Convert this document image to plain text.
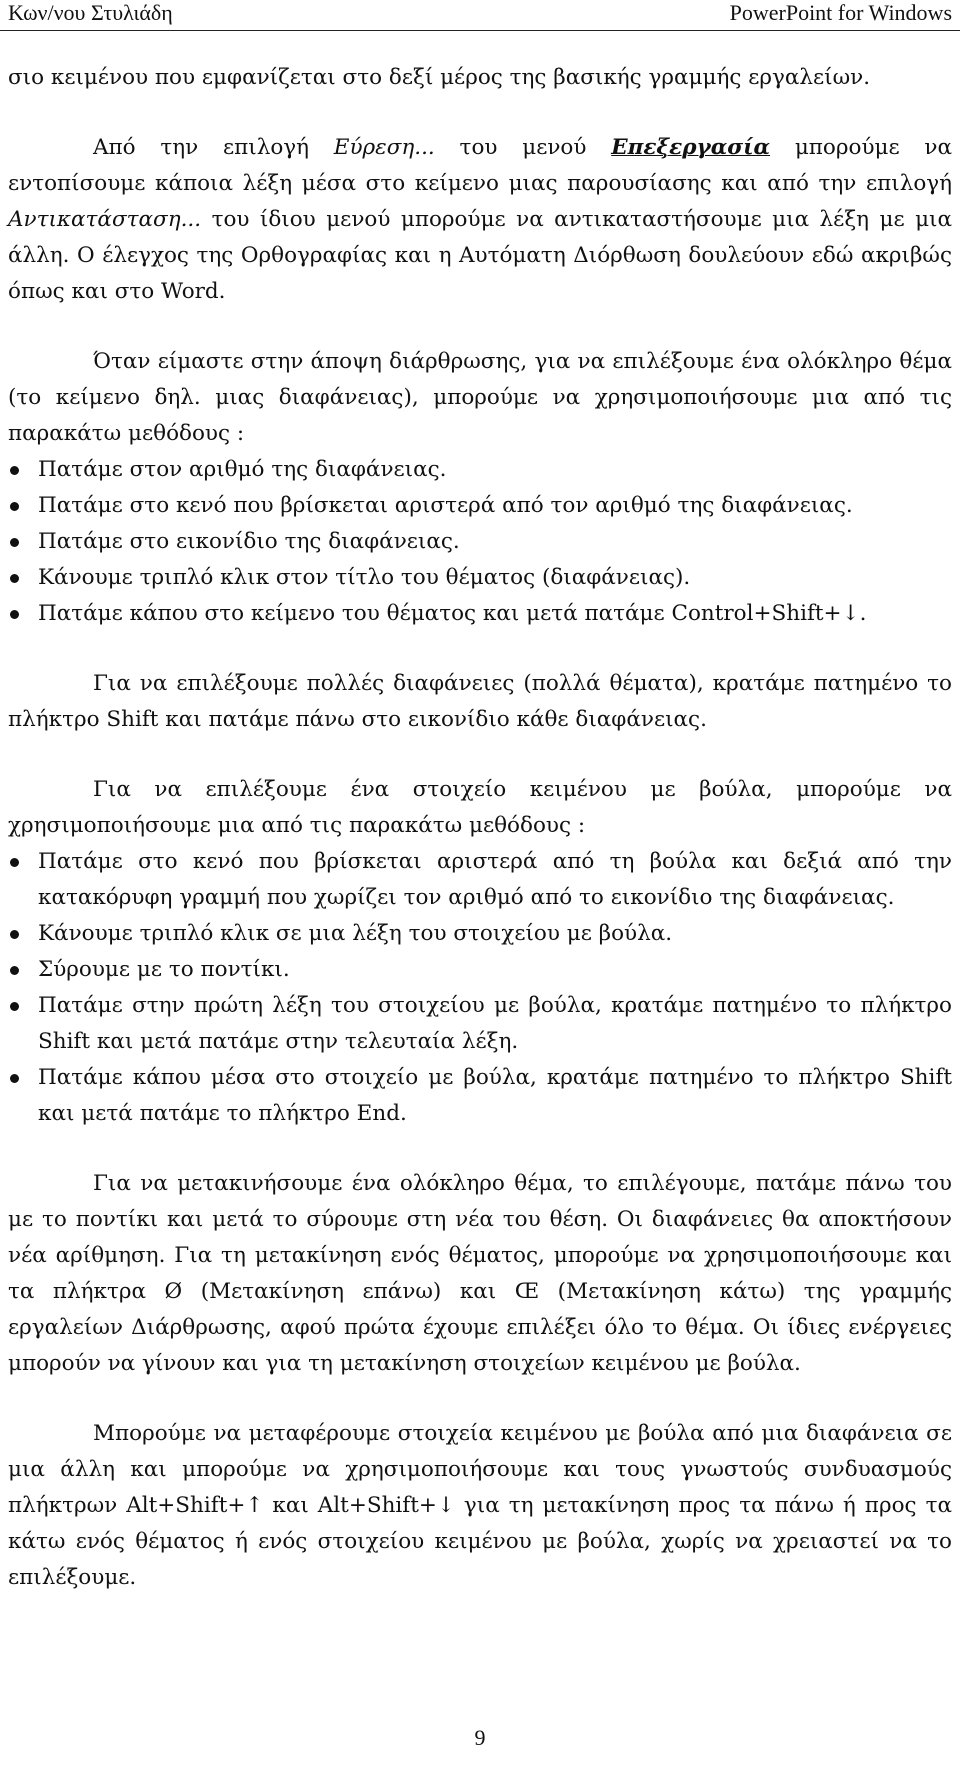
Κων/νου Στυλιάδη	PowerPoint for Windows

σιο κειμένου που εμφανίζεται στο δεξί μέρος της βασικής γραμμής εργαλείων.

Από την επιλογή Εύρεση... του μενού Επεξεργασία μπορούμε να εντοπίσουμε κάποια λέξη μέσα στο κείμενο μιας παρουσίασης και από την επιλογή Αντικατάσταση... του ίδιου μενού μπορούμε να αντικαταστήσουμε μια λέξη με μια άλλη. Ο έλεγχος της Ορθογραφίας και η Αυτόματη Διόρθωση δουλεύουν εδώ ακριβώς όπως και στο Word.

Όταν είμαστε στην άποψη διάρθρωσης, για να επιλέξουμε ένα ολόκληρο θέμα (το κείμενο δηλ. μιας διαφάνειας), μπορούμε να χρησιμοποιήσουμε μια από τις παρακάτω μεθόδους :

Πατάμε στον αριθμό της διαφάνειας.
Πατάμε στο κενό που βρίσκεται αριστερά από τον αριθμό της διαφάνειας.
Πατάμε στο εικονίδιο της διαφάνειας.
Κάνουμε τριπλό κλικ στον τίτλο του θέματος (διαφάνειας).
Πατάμε κάπου στο κείμενο του θέματος και μετά πατάμε Control+Shift+↓.

Για να επιλέξουμε πολλές διαφάνειες (πολλά θέματα), κρατάμε πατημένο το πλήκτρο Shift και πατάμε πάνω στο εικονίδιο κάθε διαφάνειας.

Για να επιλέξουμε ένα στοιχείο κειμένου με βούλα, μπορούμε να χρησιμοποιήσουμε μια από τις παρακάτω μεθόδους :

Πατάμε στο κενό που βρίσκεται αριστερά από τη βούλα και δεξιά από την κατακόρυφη γραμμή που χωρίζει τον αριθμό από το εικονίδιο της διαφάνειας.
Κάνουμε τριπλό κλικ σε μια λέξη του στοιχείου με βούλα.
Σύρουμε με το ποντίκι.
Πατάμε στην πρώτη λέξη του στοιχείου με βούλα, κρατάμε πατημένο το πλήκτρο Shift και μετά πατάμε στην τελευταία λέξη.
Πατάμε κάπου μέσα στο στοιχείο με βούλα, κρατάμε πατημένο το πλήκτρο Shift και μετά πατάμε το πλήκτρο End.

Για να μετακινήσουμε ένα ολόκληρο θέμα, το επιλέγουμε, πατάμε πάνω του με το ποντίκι και μετά το σύρουμε στη νέα του θέση. Οι διαφάνειες θα αποκτήσουν νέα αρίθμηση. Για τη μετακίνηση ενός θέματος, μπορούμε να χρησιμοποιήσουμε και τα πλήκτρα Ø (Μετακίνηση επάνω) και Œ (Μετακίνηση κάτω) της γραμμής εργαλείων Διάρθρωσης, αφού πρώτα έχουμε επιλέξει όλο το θέμα. Οι ίδιες ενέργειες μπορούν να γίνουν και για τη μετακίνηση στοιχείων κειμένου με βούλα.

Μπορούμε να μεταφέρουμε στοιχεία κειμένου με βούλα από μια διαφάνεια σε μια άλλη και μπορούμε να χρησιμοποιήσουμε και τους γνωστούς συνδυασμούς πλήκτρων Alt+Shift+↑ και Alt+Shift+↓ για τη μετακίνηση προς τα πάνω ή προς τα κάτω ενός θέματος ή ενός στοιχείου κειμένου με βούλα, χωρίς να χρειαστεί να το επιλέξουμε.

9
